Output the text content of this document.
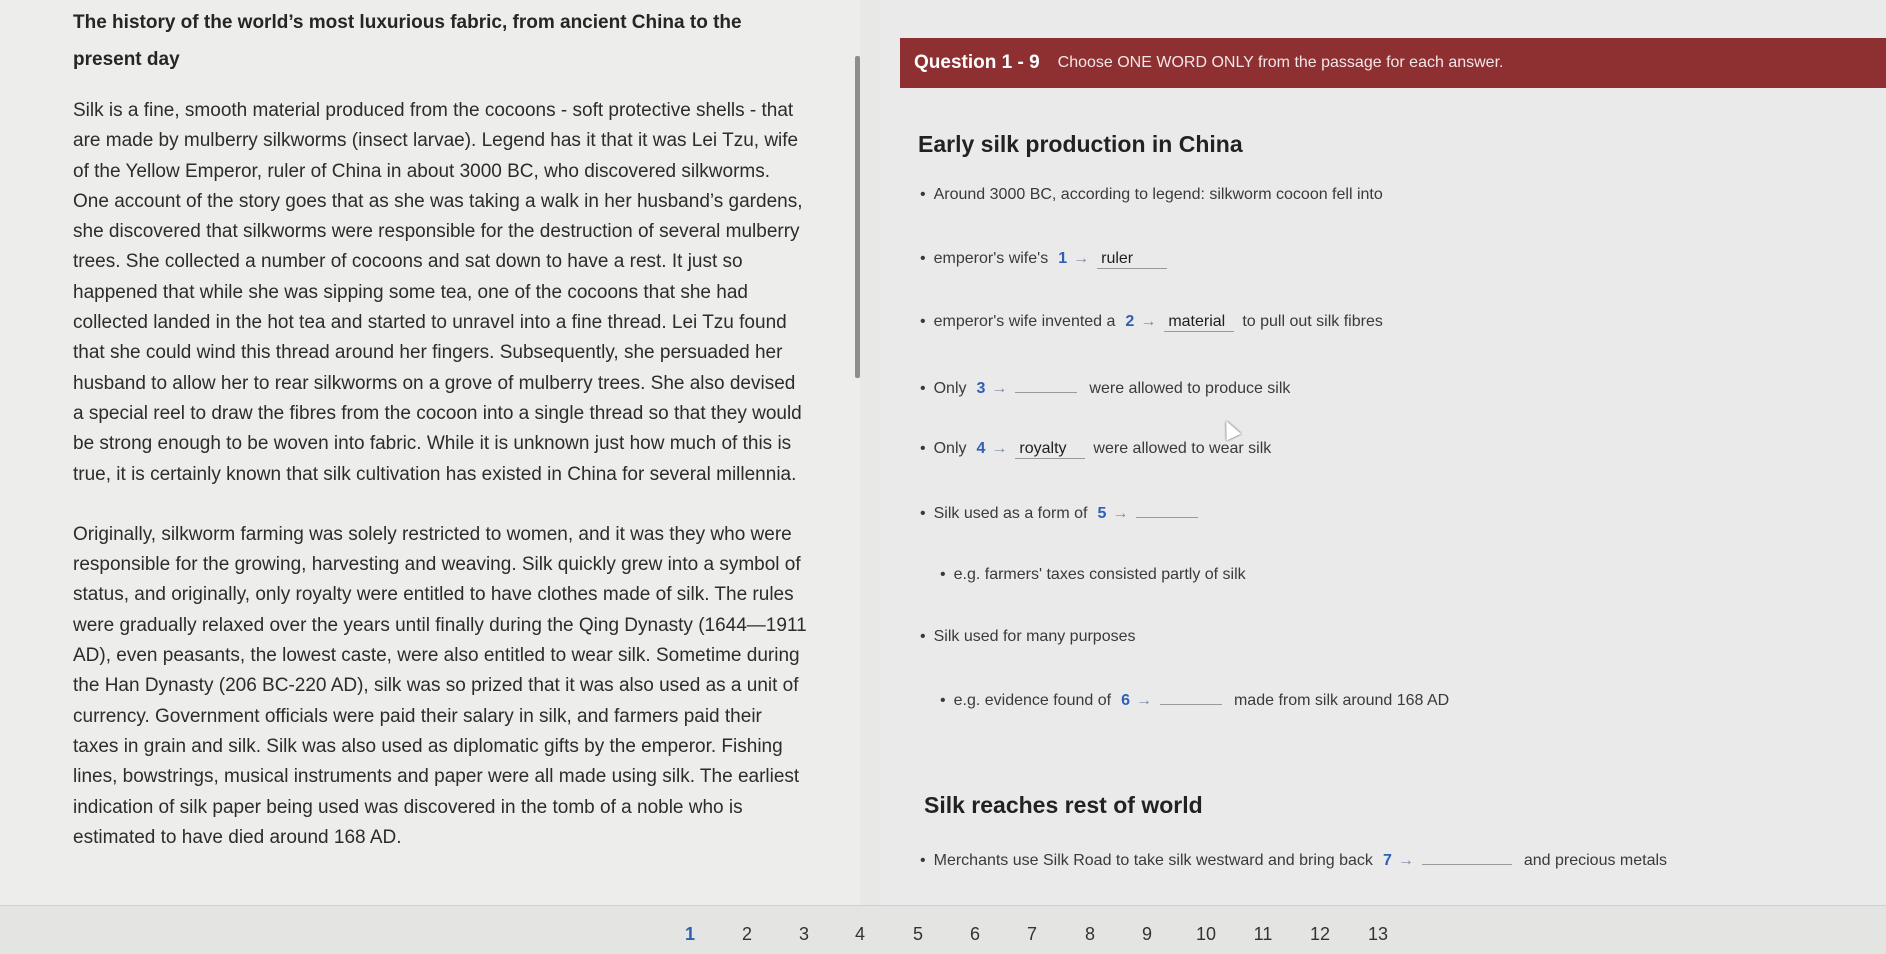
The history of the world’s most luxurious fabric, from ancient China to the present day

Silk is a fine, smooth material produced from the cocoons - soft protective shells - that are made by mulberry silkworms (insect larvae). Legend has it that it was Lei Tzu, wife of the Yellow Emperor, ruler of China in about 3000 BC, who discovered silkworms. One account of the story goes that as she was taking a walk in her husband’s gardens, she discovered that silkworms were responsible for the destruction of several mulberry trees. She collected a number of cocoons and sat down to have a rest. It just so happened that while she was sipping some tea, one of the cocoons that she had collected landed in the hot tea and started to unravel into a fine thread. Lei Tzu found that she could wind this thread around her fingers. Subsequently, she persuaded her husband to allow her to rear silkworms on a grove of mulberry trees. She also devised a special reel to draw the fibres from the cocoon into a single thread so that they would be strong enough to be woven into fabric. While it is unknown just how much of this is true, it is certainly known that silk cultivation has existed in China for several millennia.

Originally, silkworm farming was solely restricted to women, and it was they who were responsible for the growing, harvesting and weaving. Silk quickly grew into a symbol of status, and originally, only royalty were entitled to have clothes made of silk. The rules were gradually relaxed over the years until finally during the Qing Dynasty (1644—1911 AD), even peasants, the lowest caste, were also entitled to wear silk. Sometime during the Han Dynasty (206 BC-220 AD), silk was so prized that it was also used as a unit of currency. Government officials were paid their salary in silk, and farmers paid their taxes in grain and silk. Silk was also used as diplomatic gifts by the emperor. Fishing lines, bowstrings, musical instruments and paper were all made using silk. The earliest indication of silk paper being used was discovered in the tomb of a noble who is estimated to have died around 168 AD.

Question 1 - 9 Choose ONE WORD ONLY from the passage for each answer.
Early silk production in China
• Around 3000 BC, according to legend: silkworm cocoon fell into
• emperor's wife's 1 → ruler
• emperor's wife invented a 2 → material	to pull out silk fibres
• Only 3 →	were allowed to produce silk
• Only 4 → royalty	were allowed to wear silk
• Silk used as a form of 5 →
• e.g. farmers' taxes consisted partly of silk
• Silk used for many purposes
• e.g. evidence found of 6 →	made from silk around 168 AD
Silk reaches rest of world
• Merchants use Silk Road to take silk westward and bring back 7 →	and precious metals
1	2	3	4	5	6	7	8	9	10	11	12	13
